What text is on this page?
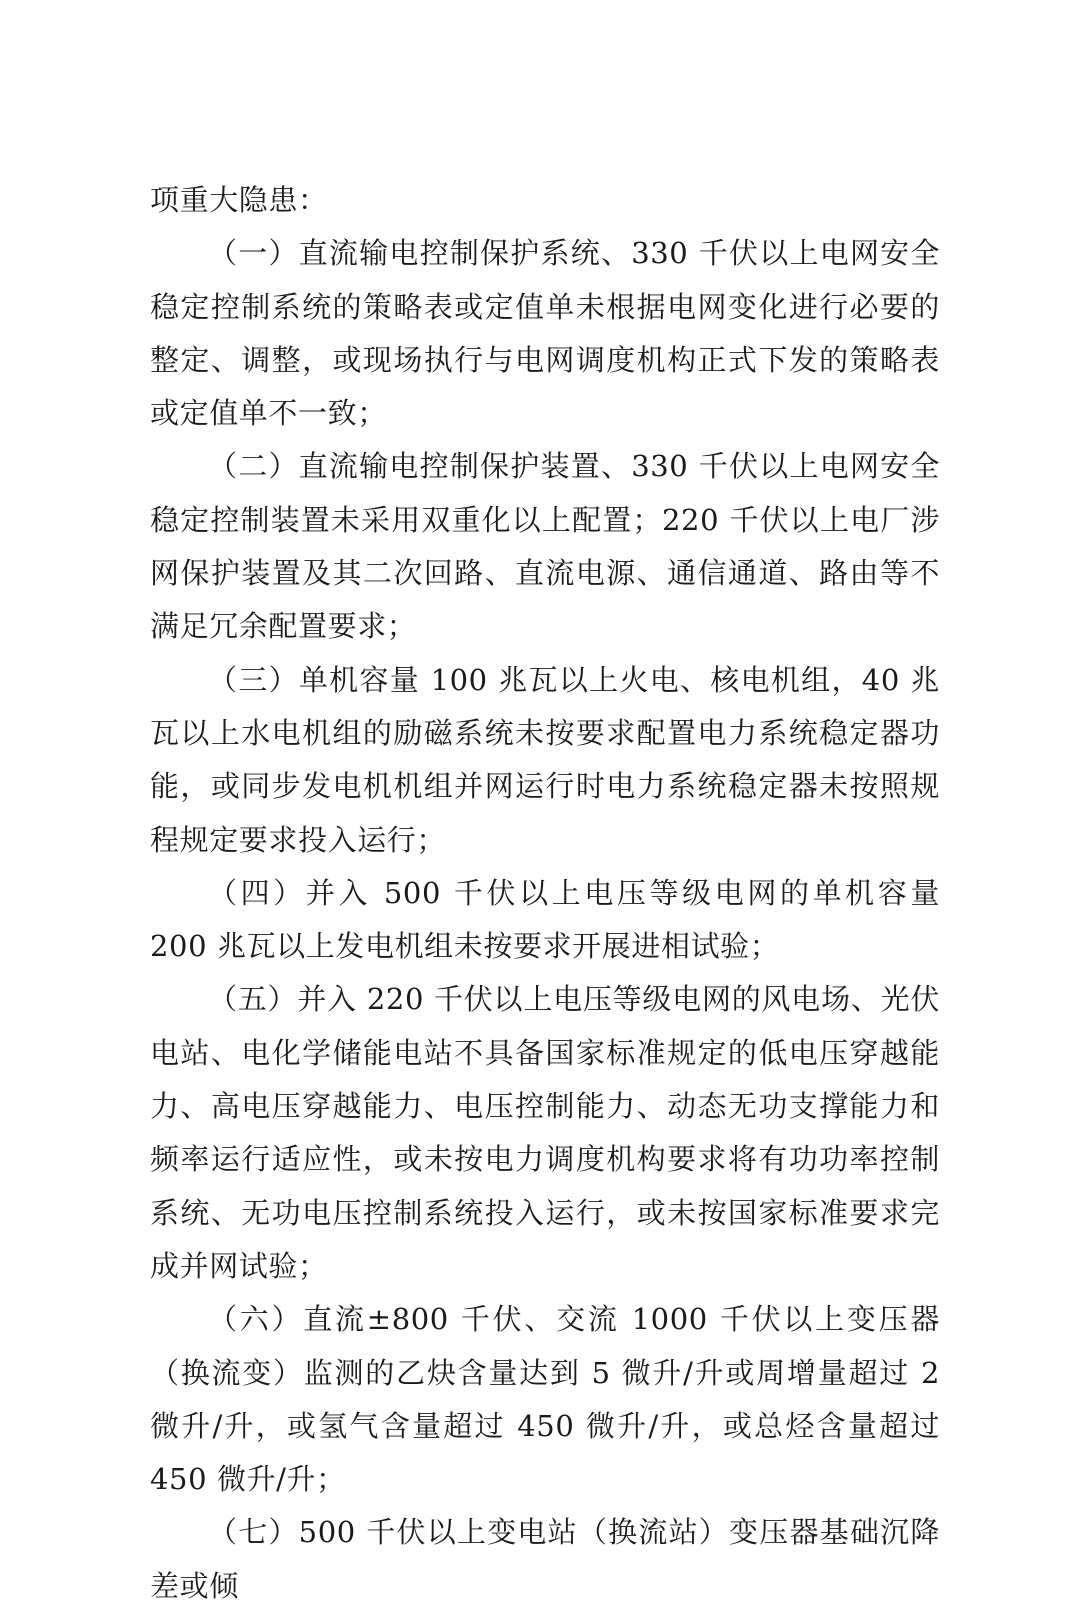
项重大隐患：

（一）直流输电控制保护系统、330 千伏以上电网安全稳定控制系统的策略表或定值单未根据电网变化进行必要的整定、调整，或现场执行与电网调度机构正式下发的策略表或定值单不一致；

（二）直流输电控制保护装置、330 千伏以上电网安全稳定控制装置未采用双重化以上配置；220 千伏以上电厂涉网保护装置及其二次回路、直流电源、通信通道、路由等不满足冗余配置要求；

（三）单机容量 100 兆瓦以上火电、核电机组，40 兆瓦以上水电机组的励磁系统未按要求配置电力系统稳定器功能，或同步发电机机组并网运行时电力系统稳定器未按照规程规定要求投入运行；

（四）并入 500 千伏以上电压等级电网的单机容量 200 兆瓦以上发电机组未按要求开展进相试验；

（五）并入 220 千伏以上电压等级电网的风电场、光伏电站、电化学储能电站不具备国家标准规定的低电压穿越能力、高电压穿越能力、电压控制能力、动态无功支撑能力和频率运行适应性，或未按电力调度机构要求将有功功率控制系统、无功电压控制系统投入运行，或未按国家标准要求完成并网试验；

（六）直流±800 千伏、交流 1000 千伏以上变压器（换流变）监测的乙炔含量达到 5 微升/升或周增量超过 2 微升/升，或氢气含量超过 450 微升/升，或总烃含量超过 450 微升/升；

（七）500 千伏以上变电站（换流站）变压器基础沉降差或倾
